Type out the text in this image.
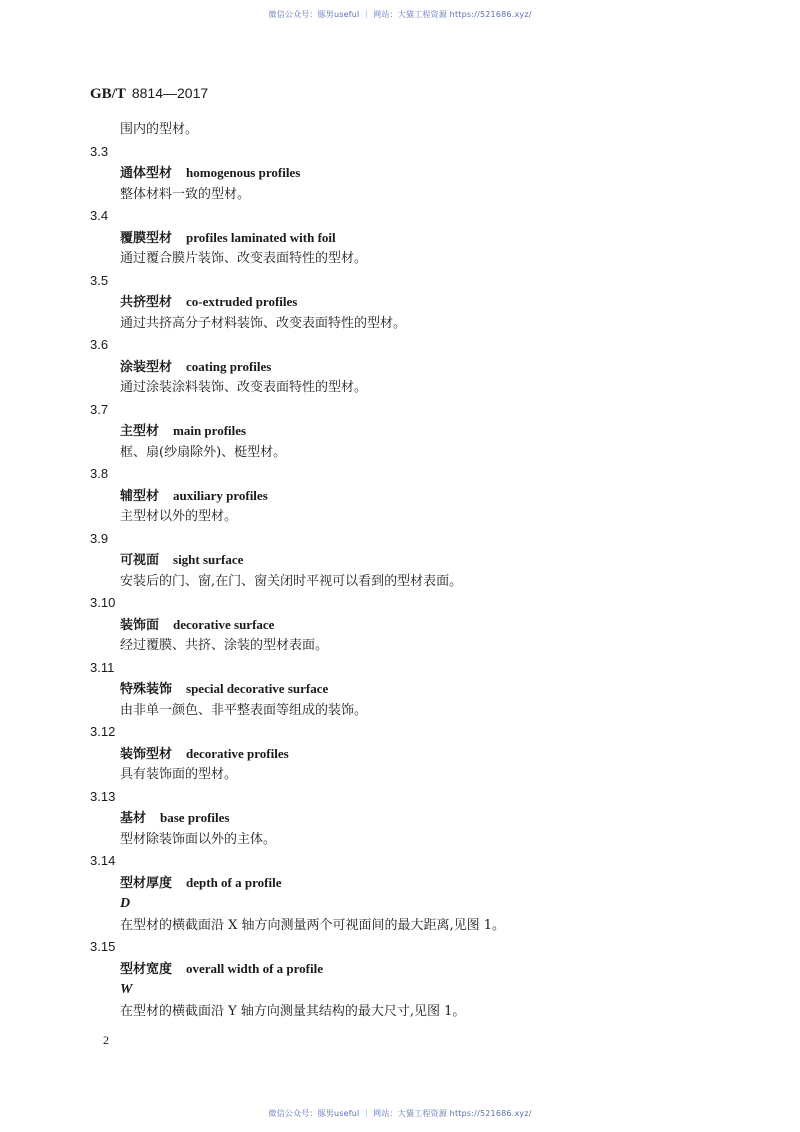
微信公众号：豚男useful ｜ 网站：大猫工程资源 https://521686.xyz/
GB/T 8814—2017
围内的型材。
3.3
通体型材 homogenous profiles
整体材料一致的型材。
3.4
覆膜型材 profiles laminated with foil
通过覆合膜片装饰、改变表面特性的型材。
3.5
共挤型材 co-extruded profiles
通过共挤高分子材料装饰、改变表面特性的型材。
3.6
涂装型材 coating profiles
通过涂装涂料装饰、改变表面特性的型材。
3.7
主型材 main profiles
框、扇(纱扇除外)、梃型材。
3.8
辅型材 auxiliary profiles
主型材以外的型材。
3.9
可视面 sight surface
安装后的门、窗,在门、窗关闭时平视可以看到的型材表面。
3.10
装饰面 decorative surface
经过覆膜、共挤、涂装的型材表面。
3.11
特殊装饰 special decorative surface
由非单一颜色、非平整表面等组成的装饰。
3.12
装饰型材 decorative profiles
具有装饰面的型材。
3.13
基材 base profiles
型材除装饰面以外的主体。
3.14
型材厚度 depth of a profile
D
在型材的横截面沿 X 轴方向测量两个可视面间的最大距离,见图 1。
3.15
型材宽度 overall width of a profile
W
在型材的横截面沿 Y 轴方向测量其结构的最大尺寸,见图 1。
2
微信公众号：豚男useful ｜ 网站：大猫工程资源 https://521686.xyz/
